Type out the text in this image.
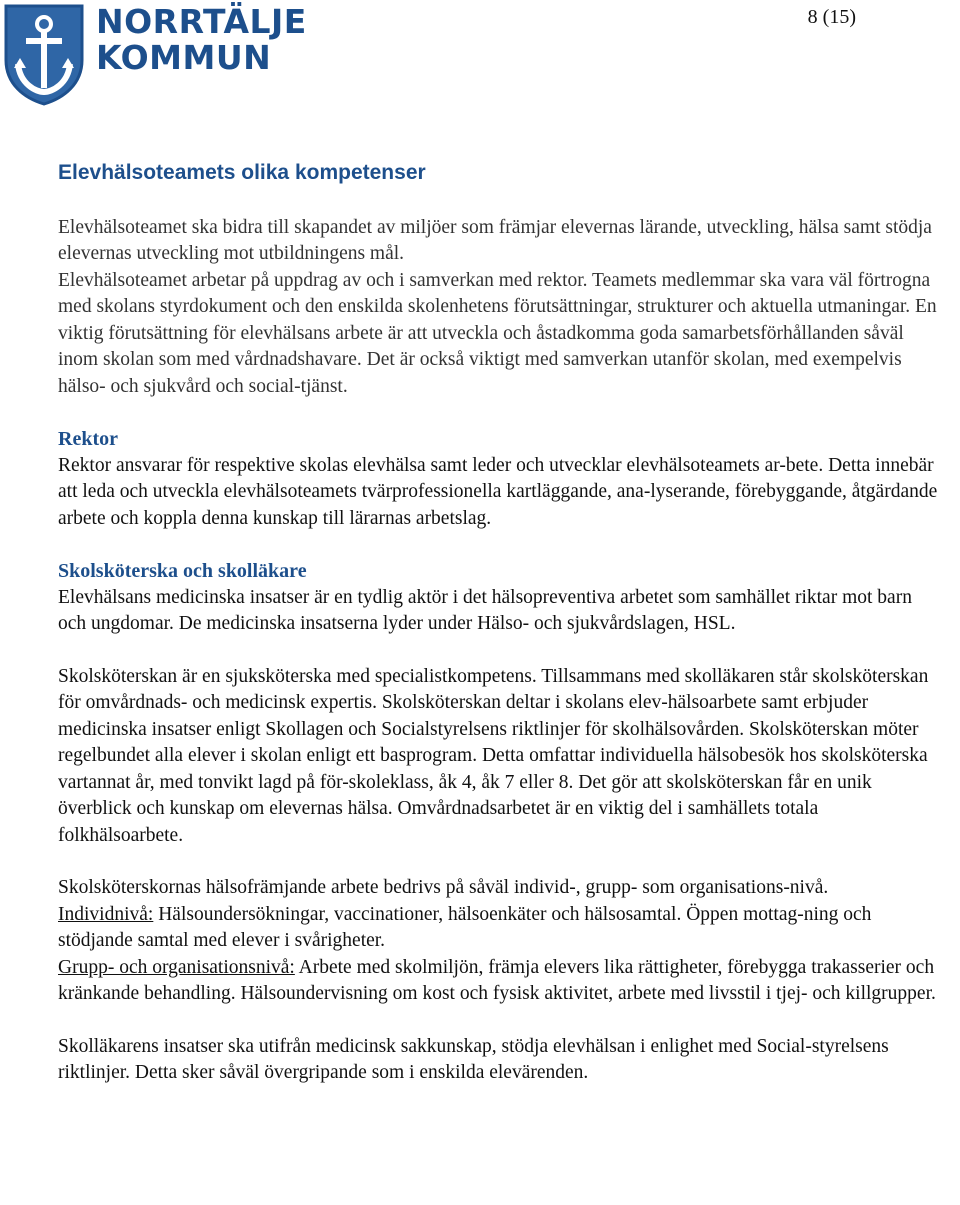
NORRTÄLJE
KOMMUN
8 (15)
Elevhälsoteamets olika kompetenser

Elevhälsoteamet ska bidra till skapandet av miljöer som främjar elevernas lärande, utveckling, hälsa samt stödja elevernas utveckling mot utbildningens mål.

Elevhälsoteamet arbetar på uppdrag av och i samverkan med rektor. Teamets medlemmar ska vara väl förtrogna med skolans styrdokument och den enskilda skolenhetens förutsättningar, strukturer och aktuella utmaningar. En viktig förutsättning för elevhälsans arbete är att utveckla och åstadkomma goda samarbetsförhållanden såväl inom skolan som med vårdnadshavare. Det är också viktigt med samverkan utanför skolan, med exempelvis hälso- och sjukvård och social-tjänst.

Rektor

Rektor ansvarar för respektive skolas elevhälsa samt leder och utvecklar elevhälsoteamets ar-bete. Detta innebär att leda och utveckla elevhälsoteamets tvärprofessionella kartläggande, ana-lyserande, förebyggande, åtgärdande arbete och koppla denna kunskap till lärarnas arbetslag.

Skolsköterska och skolläkare

Elevhälsans medicinska insatser är en tydlig aktör i det hälsopreventiva arbetet som samhället riktar mot barn och ungdomar. De medicinska insatserna lyder under Hälso- och sjukvårdslagen, HSL.

Skolsköterskan är en sjuksköterska med specialistkompetens. Tillsammans med skolläkaren står skolsköterskan för omvårdnads- och medicinsk expertis. Skolsköterskan deltar i skolans elev-hälsoarbete samt erbjuder medicinska insatser enligt Skollagen och Socialstyrelsens riktlinjer för skolhälsovården. Skolsköterskan möter regelbundet alla elever i skolan enligt ett basprogram. Detta omfattar individuella hälsobesök hos skolsköterska vartannat år, med tonvikt lagd på för-skoleklass, åk 4, åk 7 eller 8. Det gör att skolsköterskan får en unik överblick och kunskap om elevernas hälsa. Omvårdnadsarbetet är en viktig del i samhällets totala folkhälsoarbete.

Skolsköterskornas hälsofrämjande arbete bedrivs på såväl individ-, grupp- som organisations-nivå.

Individnivå: Hälsoundersökningar, vaccinationer, hälsoenkäter och hälsosamtal. Öppen mottag-ning och stödjande samtal med elever i svårigheter.

Grupp- och organisationsnivå: Arbete med skolmiljön, främja elevers lika rättigheter, förebygga trakasserier och kränkande behandling. Hälsoundervisning om kost och fysisk aktivitet, arbete med livsstil i tjej- och killgrupper.

Skolläkarens insatser ska utifrån medicinsk sakkunskap, stödja elevhälsan i enlighet med Social-styrelsens riktlinjer. Detta sker såväl övergripande som i enskilda elevärenden.
